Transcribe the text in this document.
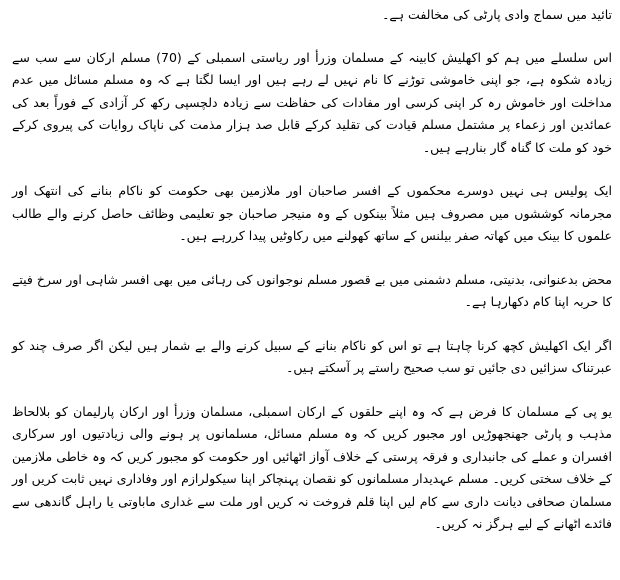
تائید میں سماج وادی پارٹی کی مخالفت ہے۔

اس سلسلے میں ہم کو اکھلیش کابینہ کے مسلمان وزرأ اور ریاستی اسمبلی کے (70) مسلم ارکان سے سب سے زیادہ شکوہ ہے، جو اپنی خاموشی توڑنے کا نام نہیں لے رہے ہیں اور ایسا لگتا ہے کہ وہ مسلم مسائل میں عدم مداخلت اور خاموش رہ کر اپنی کرسی اور مفادات کی حفاظت سے زیادہ دلچسپی رکھ کر آزادی کے فوراً بعد کی عمائدین اور زعماء پر مشتمل مسلم قیادت کی تقلید کرکے قابل صد ہزار مذمت کی ناپاک روایات کی پیروی کرکے خود کو ملت کا گناہ گار بنارہے ہیں۔

ایک پولیس ہی نہیں دوسرے محکموں کے افسر صاحبان اور ملازمین بھی حکومت کو ناکام بنانے کی انتھک اور مجرمانہ کوششوں میں مصروف ہیں مثلاً بینکوں کے وہ منیجر صاحبان جو تعلیمی وظائف حاصل کرنے والے طالب علموں کا بینک میں کھاتہ صفر بیلنس کے ساتھ کھولنے میں رکاوٹیں پیدا کررہے ہیں۔

محض بدعنوانی، بدنیتی، مسلم دشمنی میں بے قصور مسلم نوجوانوں کی رہائی میں بھی افسر شاہی اور سرخ فیتے کا حربہ اپنا کام دکھارہا ہے۔

اگر ایک اکھلیش کچھ کرنا چاہتا ہے تو اس کو ناکام بنانے کے سبیل کرنے والے بے شمار ہیں لیکن اگر صرف چند کو عبرتناک سزائیں دی جائیں تو سب صحیح راستے پر آسکتے ہیں۔

یو پی کے مسلمان کا فرض ہے کہ وہ اپنے حلقوں کے ارکان اسمبلی، مسلمان وزرأ اور ارکان پارلیمان کو بلالحاظ مذہب و پارٹی جھنجھوڑیں اور مجبور کریں کہ وہ مسلم مسائل، مسلمانوں پر ہونے والی زیادتیوں اور سرکاری افسران و عملے کی جانبداری و فرقہ پرستی کے خلاف آواز اٹھائیں اور حکومت کو مجبور کریں کہ وہ خاطی ملازمین کے خلاف سختی کریں۔ مسلم عہدیدار مسلمانوں کو نقصان پہنچاکر اپنا سیکولرازم اور وفاداری نہیں ثابت کریں اور مسلمان صحافی دیانت داری سے کام لیں اپنا قلم فروخت نہ کریں اور ملت سے غداری ماباوتی یا راہل گاندھی سے فائدے اٹھانے کے لیے ہرگز نہ کریں۔
